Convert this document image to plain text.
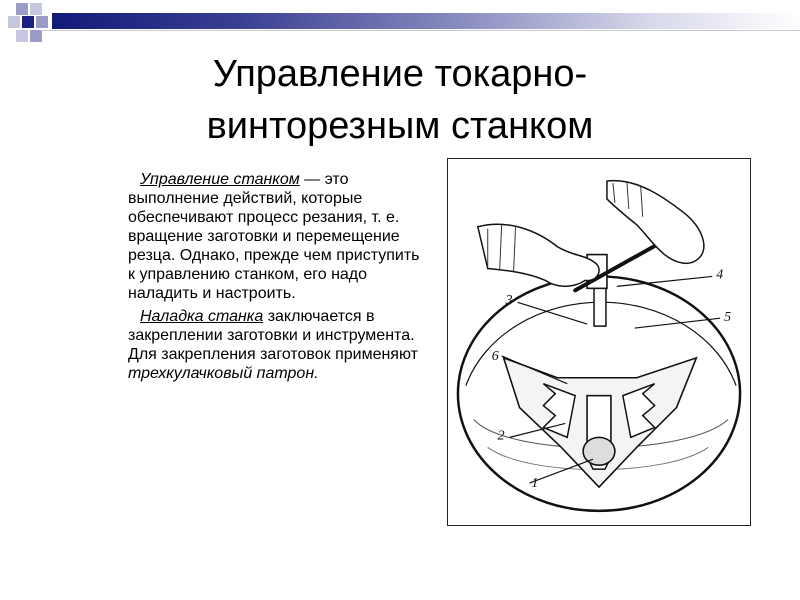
Управление токарно-
винторезным станком

Управление станком — это выполнение действий, которые обеспечивают процесс резания, т. е. вращение заготовки и перемещение резца. Однако, прежде чем приступить к управлению станком, его надо наладить и настроить.

Наладка станка заключается в закреплении заготовки и инструмента. Для закрепления заготовок применяют трехкулачковый патрон.

1
2
3
4
5
6
